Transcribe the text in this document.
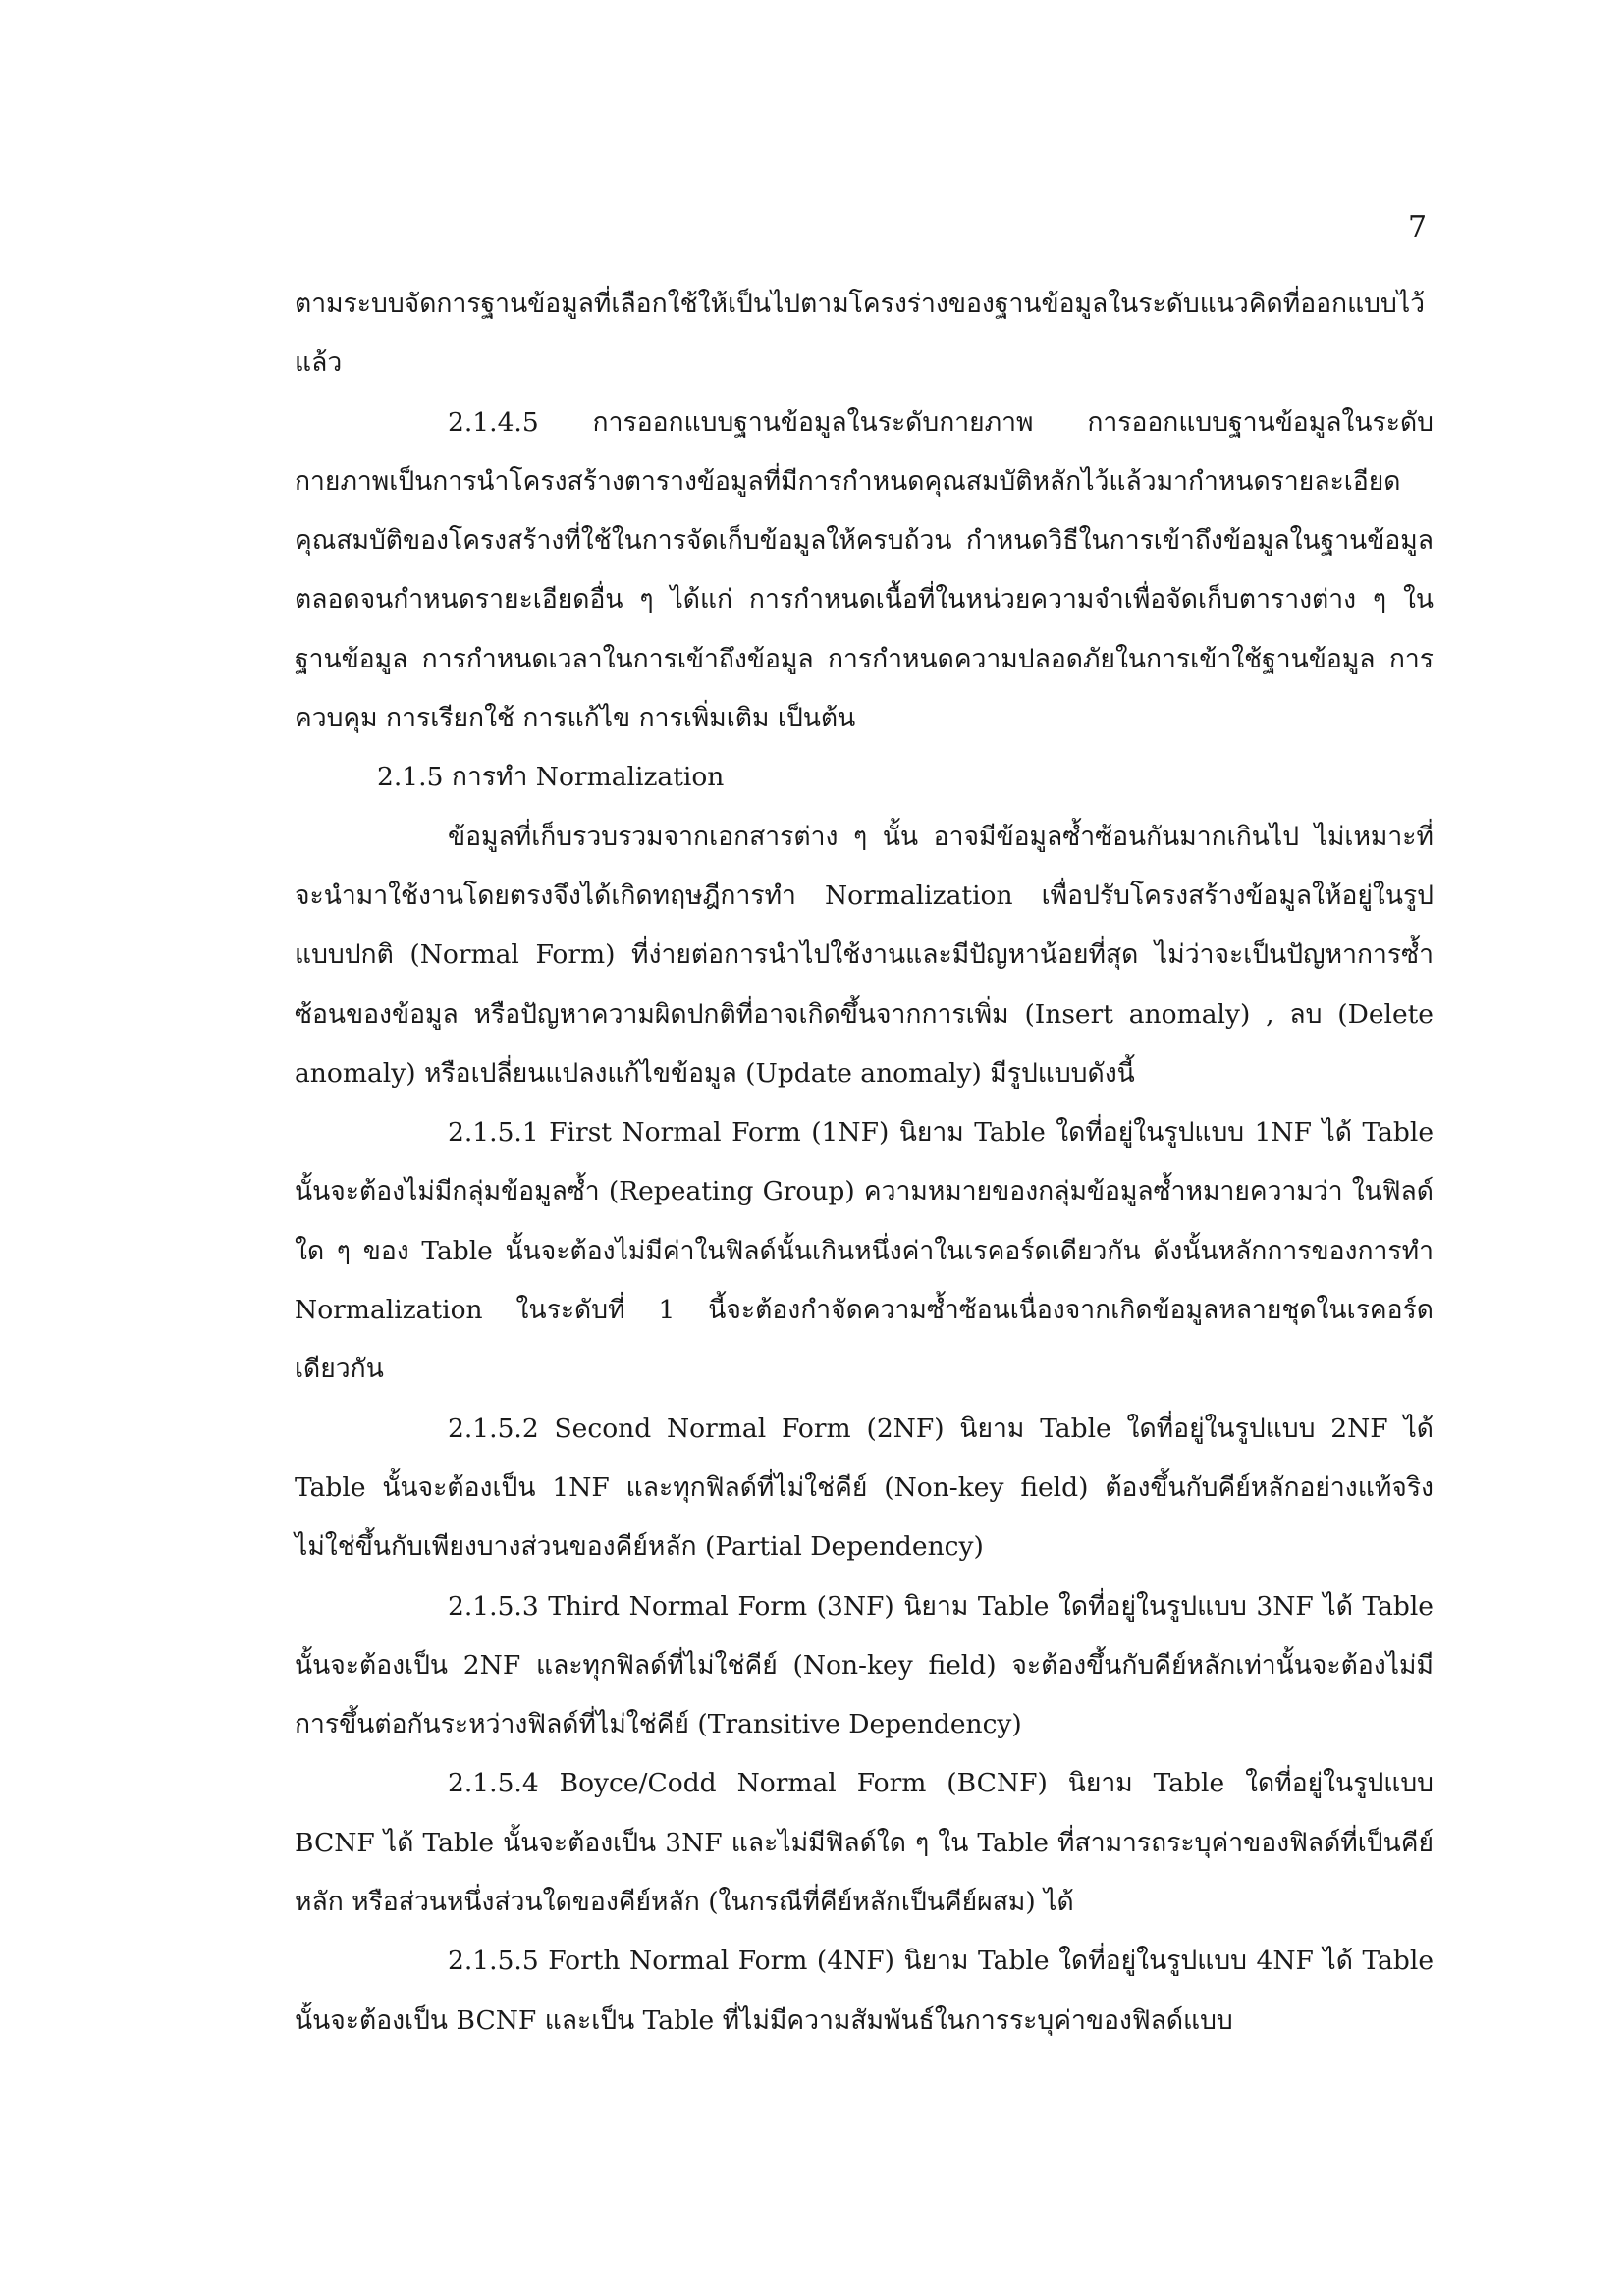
7

ตามระบบจัดการฐานข้อมูลที่เลือกใช้ให้เป็นไปตามโครงร่างของฐานข้อมูลในระดับแนวคิดที่ออกแบบไว้แล้ว

2.1.4.5 การออกแบบฐานข้อมูลในระดับกายภาพ การออกแบบฐานข้อมูลในระดับกายภาพเป็นการนำโครงสร้างตารางข้อมูลที่มีการกำหนดคุณสมบัติหลักไว้แล้วมากำหนดรายละเอียดคุณสมบัติของโครงสร้างที่ใช้ในการจัดเก็บข้อมูลให้ครบถ้วน กำหนดวิธีในการเข้าถึงข้อมูลในฐานข้อมูล ตลอดจนกำหนดรายะเอียดอื่น ๆ ได้แก่ การกำหนดเนื้อที่ในหน่วยความจำเพื่อจัดเก็บตารางต่าง ๆ ในฐานข้อมูล การกำหนดเวลาในการเข้าถึงข้อมูล การกำหนดความปลอดภัยในการเข้าใช้ฐานข้อมูล การควบคุม การเรียกใช้ การแก้ไข การเพิ่มเติม เป็นต้น

2.1.5 การทำ Normalization

ข้อมูลที่เก็บรวบรวมจากเอกสารต่าง ๆ นั้น อาจมีข้อมูลซ้ำซ้อนกันมากเกินไป ไม่เหมาะที่จะนำมาใช้งานโดยตรงจึงได้เกิดทฤษฎีการทำ Normalization เพื่อปรับโครงสร้างข้อมูลให้อยู่ในรูปแบบปกติ (Normal Form) ที่ง่ายต่อการนำไปใช้งานและมีปัญหาน้อยที่สุด ไม่ว่าจะเป็นปัญหาการซ้ำซ้อนของข้อมูล หรือปัญหาความผิดปกติที่อาจเกิดขึ้นจากการเพิ่ม (Insert anomaly) , ลบ (Delete anomaly) หรือเปลี่ยนแปลงแก้ไขข้อมูล (Update anomaly) มีรูปแบบดังนี้

2.1.5.1 First Normal Form (1NF) นิยาม Table ใดที่อยู่ในรูปแบบ 1NF ได้ Table นั้นจะต้องไม่มีกลุ่มข้อมูลซ้ำ (Repeating Group) ความหมายของกลุ่มข้อมูลซ้ำหมายความว่า ในฟิลด์ใด ๆ ของ Table นั้นจะต้องไม่มีค่าในฟิลด์นั้นเกินหนึ่งค่าในเรคอร์ดเดียวกัน ดังนั้นหลักการของการทำ Normalization ในระดับที่ 1 นี้จะต้องกำจัดความซ้ำซ้อนเนื่องจากเกิดข้อมูลหลายชุดในเรคอร์ดเดียวกัน

2.1.5.2 Second Normal Form (2NF) นิยาม Table ใดที่อยู่ในรูปแบบ 2NF ได้ Table นั้นจะต้องเป็น 1NF และทุกฟิลด์ที่ไม่ใช่คีย์ (Non-key field) ต้องขึ้นกับคีย์หลักอย่างแท้จริง ไม่ใช่ขึ้นกับเพียงบางส่วนของคีย์หลัก (Partial Dependency)

2.1.5.3 Third Normal Form (3NF) นิยาม Table ใดที่อยู่ในรูปแบบ 3NF ได้ Table นั้นจะต้องเป็น 2NF และทุกฟิลด์ที่ไม่ใช่คีย์ (Non-key field) จะต้องขึ้นกับคีย์หลักเท่านั้นจะต้องไม่มีการขึ้นต่อกันระหว่างฟิลด์ที่ไม่ใช่คีย์ (Transitive Dependency)

2.1.5.4 Boyce/Codd Normal Form (BCNF) นิยาม Table ใดที่อยู่ในรูปแบบ BCNF ได้ Table นั้นจะต้องเป็น 3NF และไม่มีฟิลด์ใด ๆ ใน Table ที่สามารถระบุค่าของฟิลด์ที่เป็นคีย์หลัก หรือส่วนหนึ่งส่วนใดของคีย์หลัก (ในกรณีที่คีย์หลักเป็นคีย์ผสม) ได้

2.1.5.5 Forth Normal Form (4NF) นิยาม Table ใดที่อยู่ในรูปแบบ 4NF ได้ Table นั้นจะต้องเป็น BCNF และเป็น Table ที่ไม่มีความสัมพันธ์ในการระบุค่าของฟิลด์แบบ
